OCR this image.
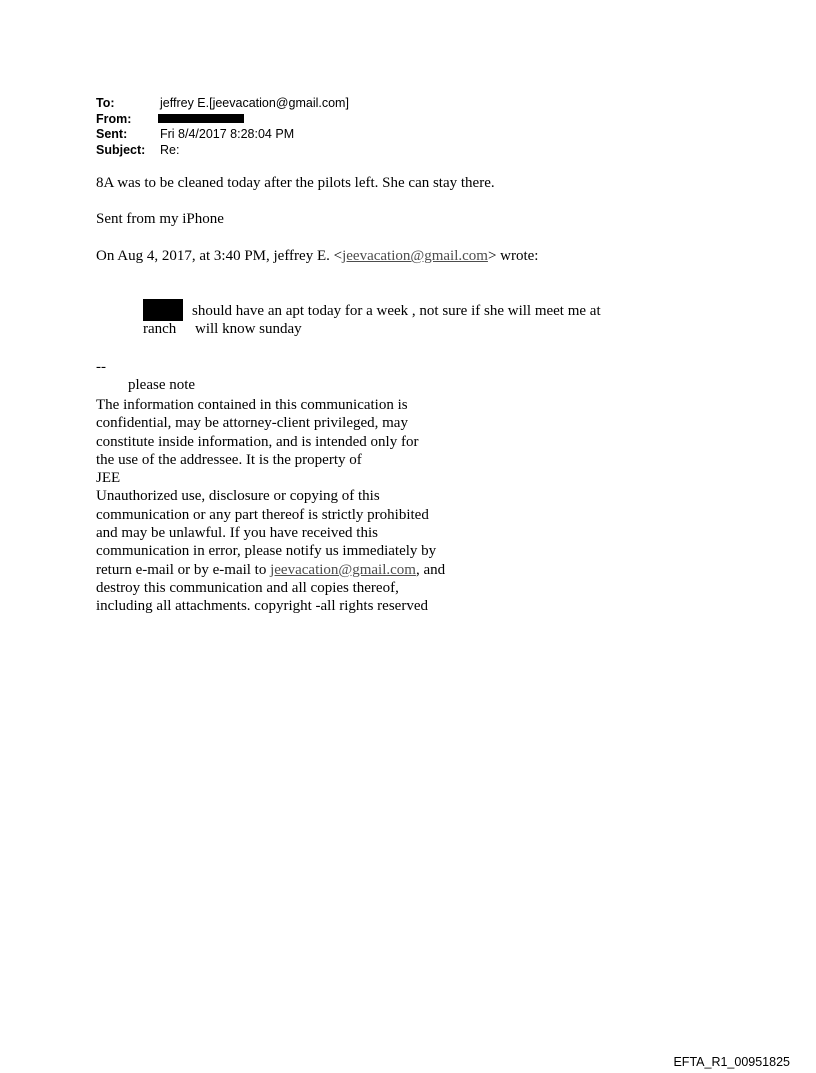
To:	jeffrey E.[jeevacation@gmail.com]
From:
Sent:	Fri 8/4/2017 8:28:04 PM
Subject: Re:
8A was to be cleaned today after the pilots left. She can stay there.
Sent from my iPhone
On Aug 4, 2017, at 3:40 PM, jeffrey E. <jeevacation@gmail.com> wrote:
should have an apt today for a week , not sure if she will meet me at
ranch will know sunday
--
please note
The information contained in this communication is
confidential, may be attorney-client privileged, may
constitute inside information, and is intended only for
the use of the addressee. It is the property of
JEE
Unauthorized use, disclosure or copying of this
communication or any part thereof is strictly prohibited
and may be unlawful. If you have received this
communication in error, please notify us immediately by
return e-mail or by e-mail to jeevacation@gmail.com, and
destroy this communication and all copies thereof,
including all attachments. copyright -all rights reserved
EFTA_R1_00951825
